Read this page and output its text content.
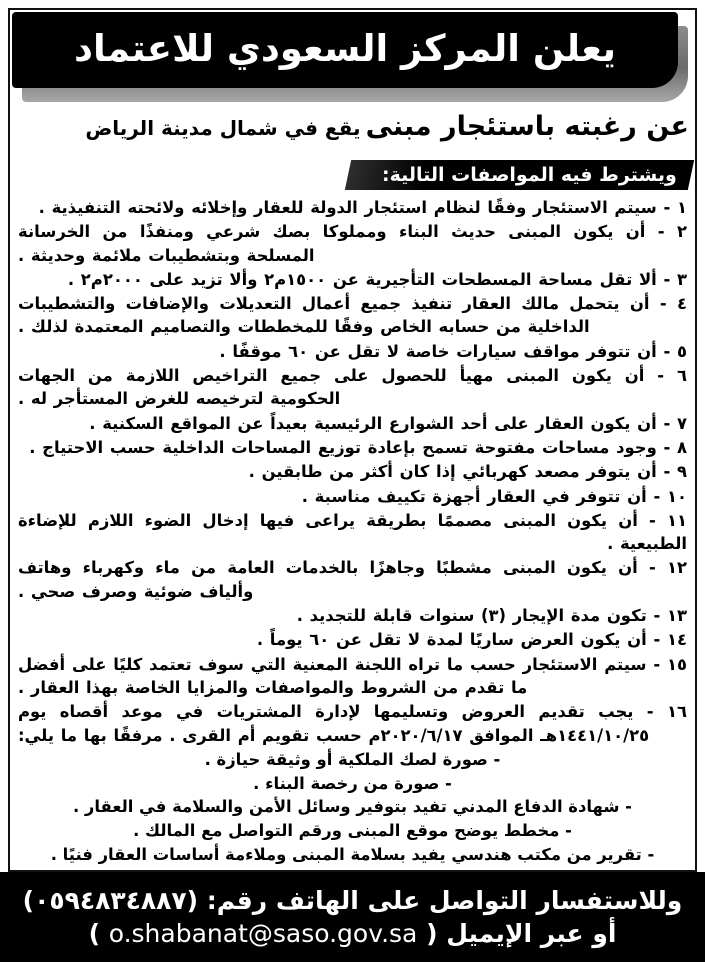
يعلن المركز السعودي للاعتماد
عن رغبته باستئجار مبنى يقع في شمال مدينة الرياض
ويشترط فيه المواصفات التالية:
١ - سيتم الاستئجار وفقًا لنظام استئجار الدولة للعقار وإخلائه ولائحته التنفيذية .
٢ - أن يكون المبنى حديث البناء ومملوكا بصك شرعي ومنفذًا من الخرسانة المسلحة وبتشطيبات ملائمة وحديثة .
٣ - ألا تقل مساحة المسطحات التأجيرية عن ١٥٠٠م٢ وألا تزيد على ٢٠٠٠م٢ .
٤ - أن يتحمل مالك العقار تنفيذ جميع أعمال التعديلات والإضافات والتشطيبات الداخلية من حسابه الخاص وفقًا للمخططات والتصاميم المعتمدة لذلك .
٥ - أن تتوفر مواقف سيارات خاصة لا تقل عن ٦٠ موقفًا .
٦ - أن يكون المبنى مهيأ للحصول على جميع التراخيص اللازمة من الجهات الحكومية لترخيصه للغرض المستأجر له .
٧ - أن يكون العقار على أحد الشوارع الرئيسية بعيداً عن المواقع السكنية .
٨ - وجود مساحات مفتوحة تسمح بإعادة توزيع المساحات الداخلية حسب الاحتياج .
٩ - أن يتوفر مصعد كهربائي إذا كان أكثر من طابقين .
١٠ - أن تتوفر في العقار أجهزة تكييف مناسبة .
١١ - أن يكون المبنى مصممًا بطريقة يراعى فيها إدخال الضوء اللازم للإضاءة الطبيعية .
١٢ - أن يكون المبنى مشطبًا وجاهزًا بالخدمات العامة من ماء وكهرباء وهاتف وألياف ضوئية وصرف صحي .
١٣ - تكون مدة الإيجار (٣) سنوات قابلة للتجديد .
١٤ - أن يكون العرض ساريًا لمدة لا تقل عن ٦٠ يوماً .
١٥ - سيتم الاستئجار حسب ما تراه اللجنة المعنية التي سوف تعتمد كليًا على أفضل ما تقدم من الشروط والمواصفات والمزايا الخاصة بهذا العقار .
١٦ - يجب تقديم العروض وتسليمها لإدارة المشتريات في موعد أقصاه يوم ١٤٤١/١٠/٢٥هـ الموافق ٢٠٢٠/٦/١٧م حسب تقويم أم القرى . مرفقًا بها ما يلي:
- صورة لصك الملكية أو وثيقة حيازة .
- صورة من رخصة البناء .
- شهادة الدفاع المدني تفيد بتوفير وسائل الأمن والسلامة في العقار .
- مخطط يوضح موقع المبنى ورقم التواصل مع المالك .
- تقرير من مكتب هندسي يفيد بسلامة المبنى وملاءمة أساسات العقار فنيًا .
وللاستفسار التواصل على الهاتف رقم: (٠٥٩٤٨٣٤٨٨٧)
أو عبر الإيميل ( o.shabanat@saso.gov.sa )
